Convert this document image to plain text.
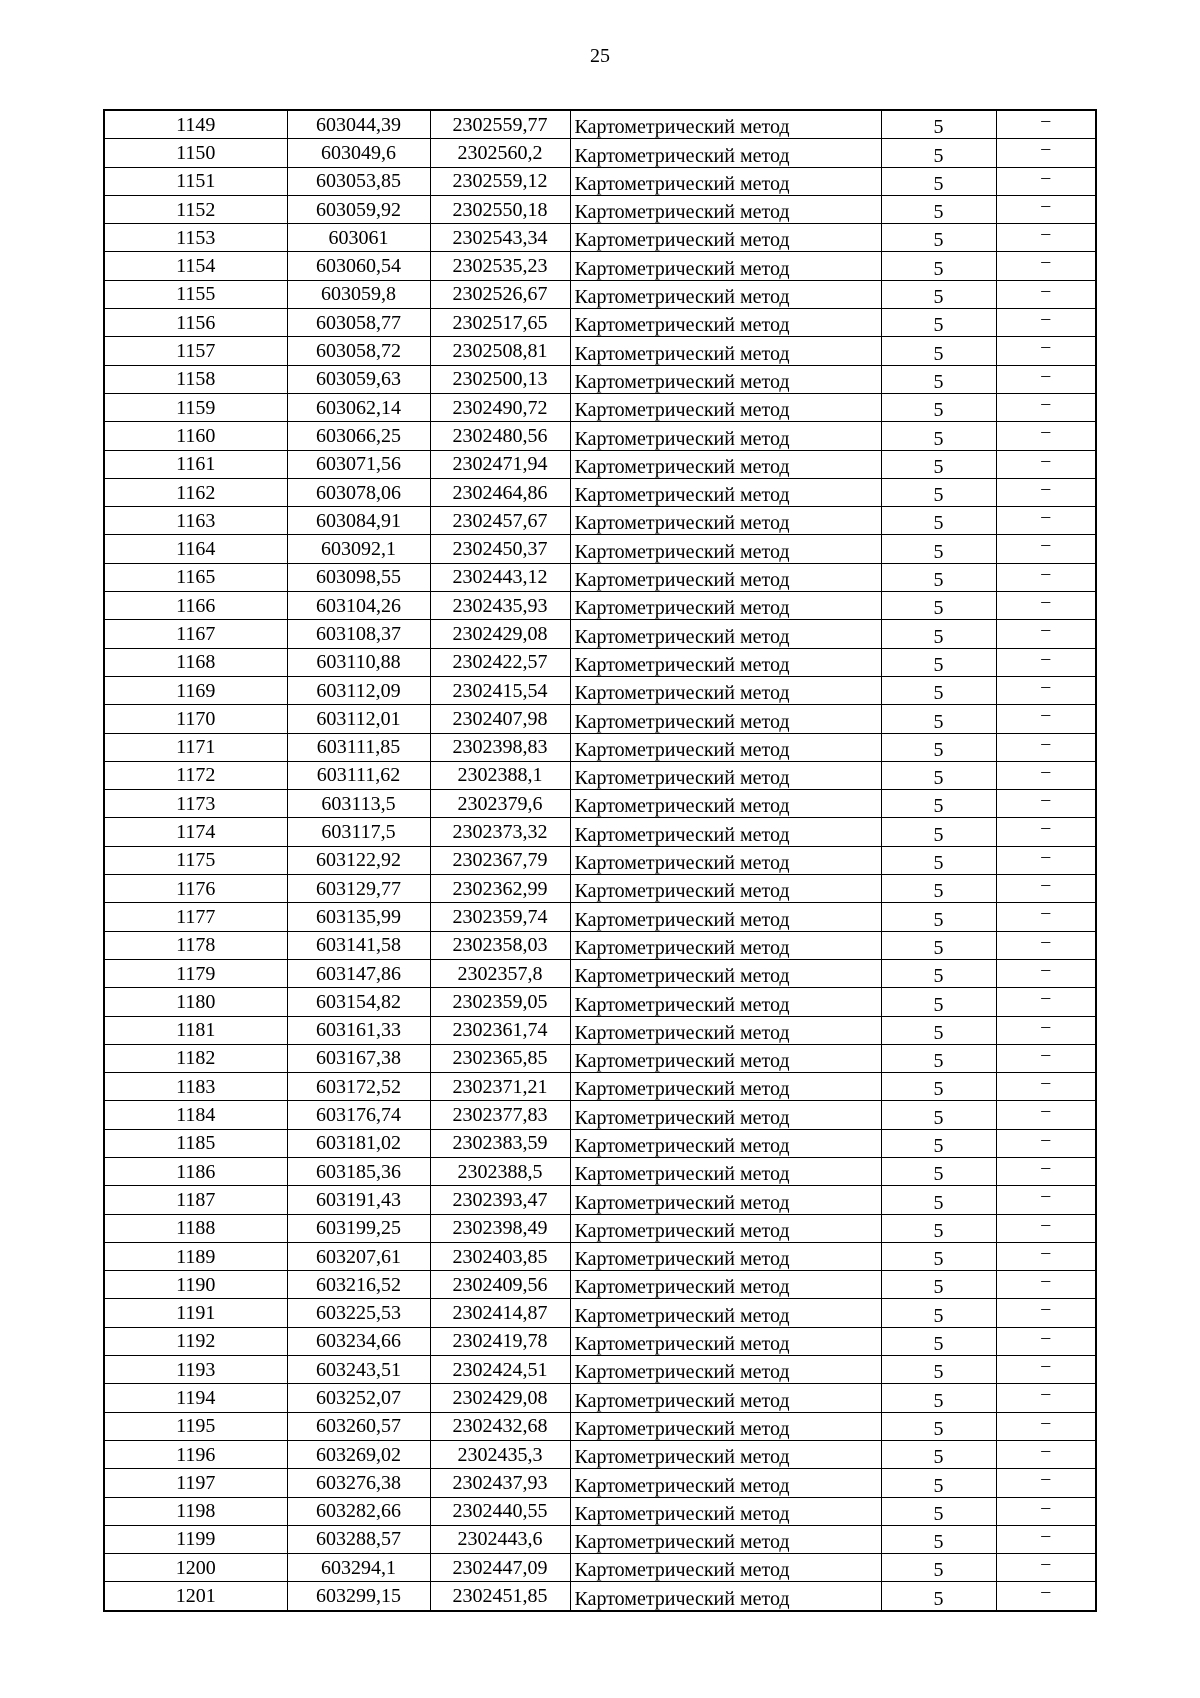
25
1149	603044,39	2302559,77	Картометрический метод	5	–
1150	603049,6	2302560,2	Картометрический метод	5	–
1151	603053,85	2302559,12	Картометрический метод	5	–
1152	603059,92	2302550,18	Картометрический метод	5	–
1153	603061	2302543,34	Картометрический метод	5	–
1154	603060,54	2302535,23	Картометрический метод	5	–
1155	603059,8	2302526,67	Картометрический метод	5	–
1156	603058,77	2302517,65	Картометрический метод	5	–
1157	603058,72	2302508,81	Картометрический метод	5	–
1158	603059,63	2302500,13	Картометрический метод	5	–
1159	603062,14	2302490,72	Картометрический метод	5	–
1160	603066,25	2302480,56	Картометрический метод	5	–
1161	603071,56	2302471,94	Картометрический метод	5	–
1162	603078,06	2302464,86	Картометрический метод	5	–
1163	603084,91	2302457,67	Картометрический метод	5	–
1164	603092,1	2302450,37	Картометрический метод	5	–
1165	603098,55	2302443,12	Картометрический метод	5	–
1166	603104,26	2302435,93	Картометрический метод	5	–
1167	603108,37	2302429,08	Картометрический метод	5	–
1168	603110,88	2302422,57	Картометрический метод	5	–
1169	603112,09	2302415,54	Картометрический метод	5	–
1170	603112,01	2302407,98	Картометрический метод	5	–
1171	603111,85	2302398,83	Картометрический метод	5	–
1172	603111,62	2302388,1	Картометрический метод	5	–
1173	603113,5	2302379,6	Картометрический метод	5	–
1174	603117,5	2302373,32	Картометрический метод	5	–
1175	603122,92	2302367,79	Картометрический метод	5	–
1176	603129,77	2302362,99	Картометрический метод	5	–
1177	603135,99	2302359,74	Картометрический метод	5	–
1178	603141,58	2302358,03	Картометрический метод	5	–
1179	603147,86	2302357,8	Картометрический метод	5	–
1180	603154,82	2302359,05	Картометрический метод	5	–
1181	603161,33	2302361,74	Картометрический метод	5	–
1182	603167,38	2302365,85	Картометрический метод	5	–
1183	603172,52	2302371,21	Картометрический метод	5	–
1184	603176,74	2302377,83	Картометрический метод	5	–
1185	603181,02	2302383,59	Картометрический метод	5	–
1186	603185,36	2302388,5	Картометрический метод	5	–
1187	603191,43	2302393,47	Картометрический метод	5	–
1188	603199,25	2302398,49	Картометрический метод	5	–
1189	603207,61	2302403,85	Картометрический метод	5	–
1190	603216,52	2302409,56	Картометрический метод	5	–
1191	603225,53	2302414,87	Картометрический метод	5	–
1192	603234,66	2302419,78	Картометрический метод	5	–
1193	603243,51	2302424,51	Картометрический метод	5	–
1194	603252,07	2302429,08	Картометрический метод	5	–
1195	603260,57	2302432,68	Картометрический метод	5	–
1196	603269,02	2302435,3	Картометрический метод	5	–
1197	603276,38	2302437,93	Картометрический метод	5	–
1198	603282,66	2302440,55	Картометрический метод	5	–
1199	603288,57	2302443,6	Картометрический метод	5	–
1200	603294,1	2302447,09	Картометрический метод	5	–
1201	603299,15	2302451,85	Картометрический метод	5	–
